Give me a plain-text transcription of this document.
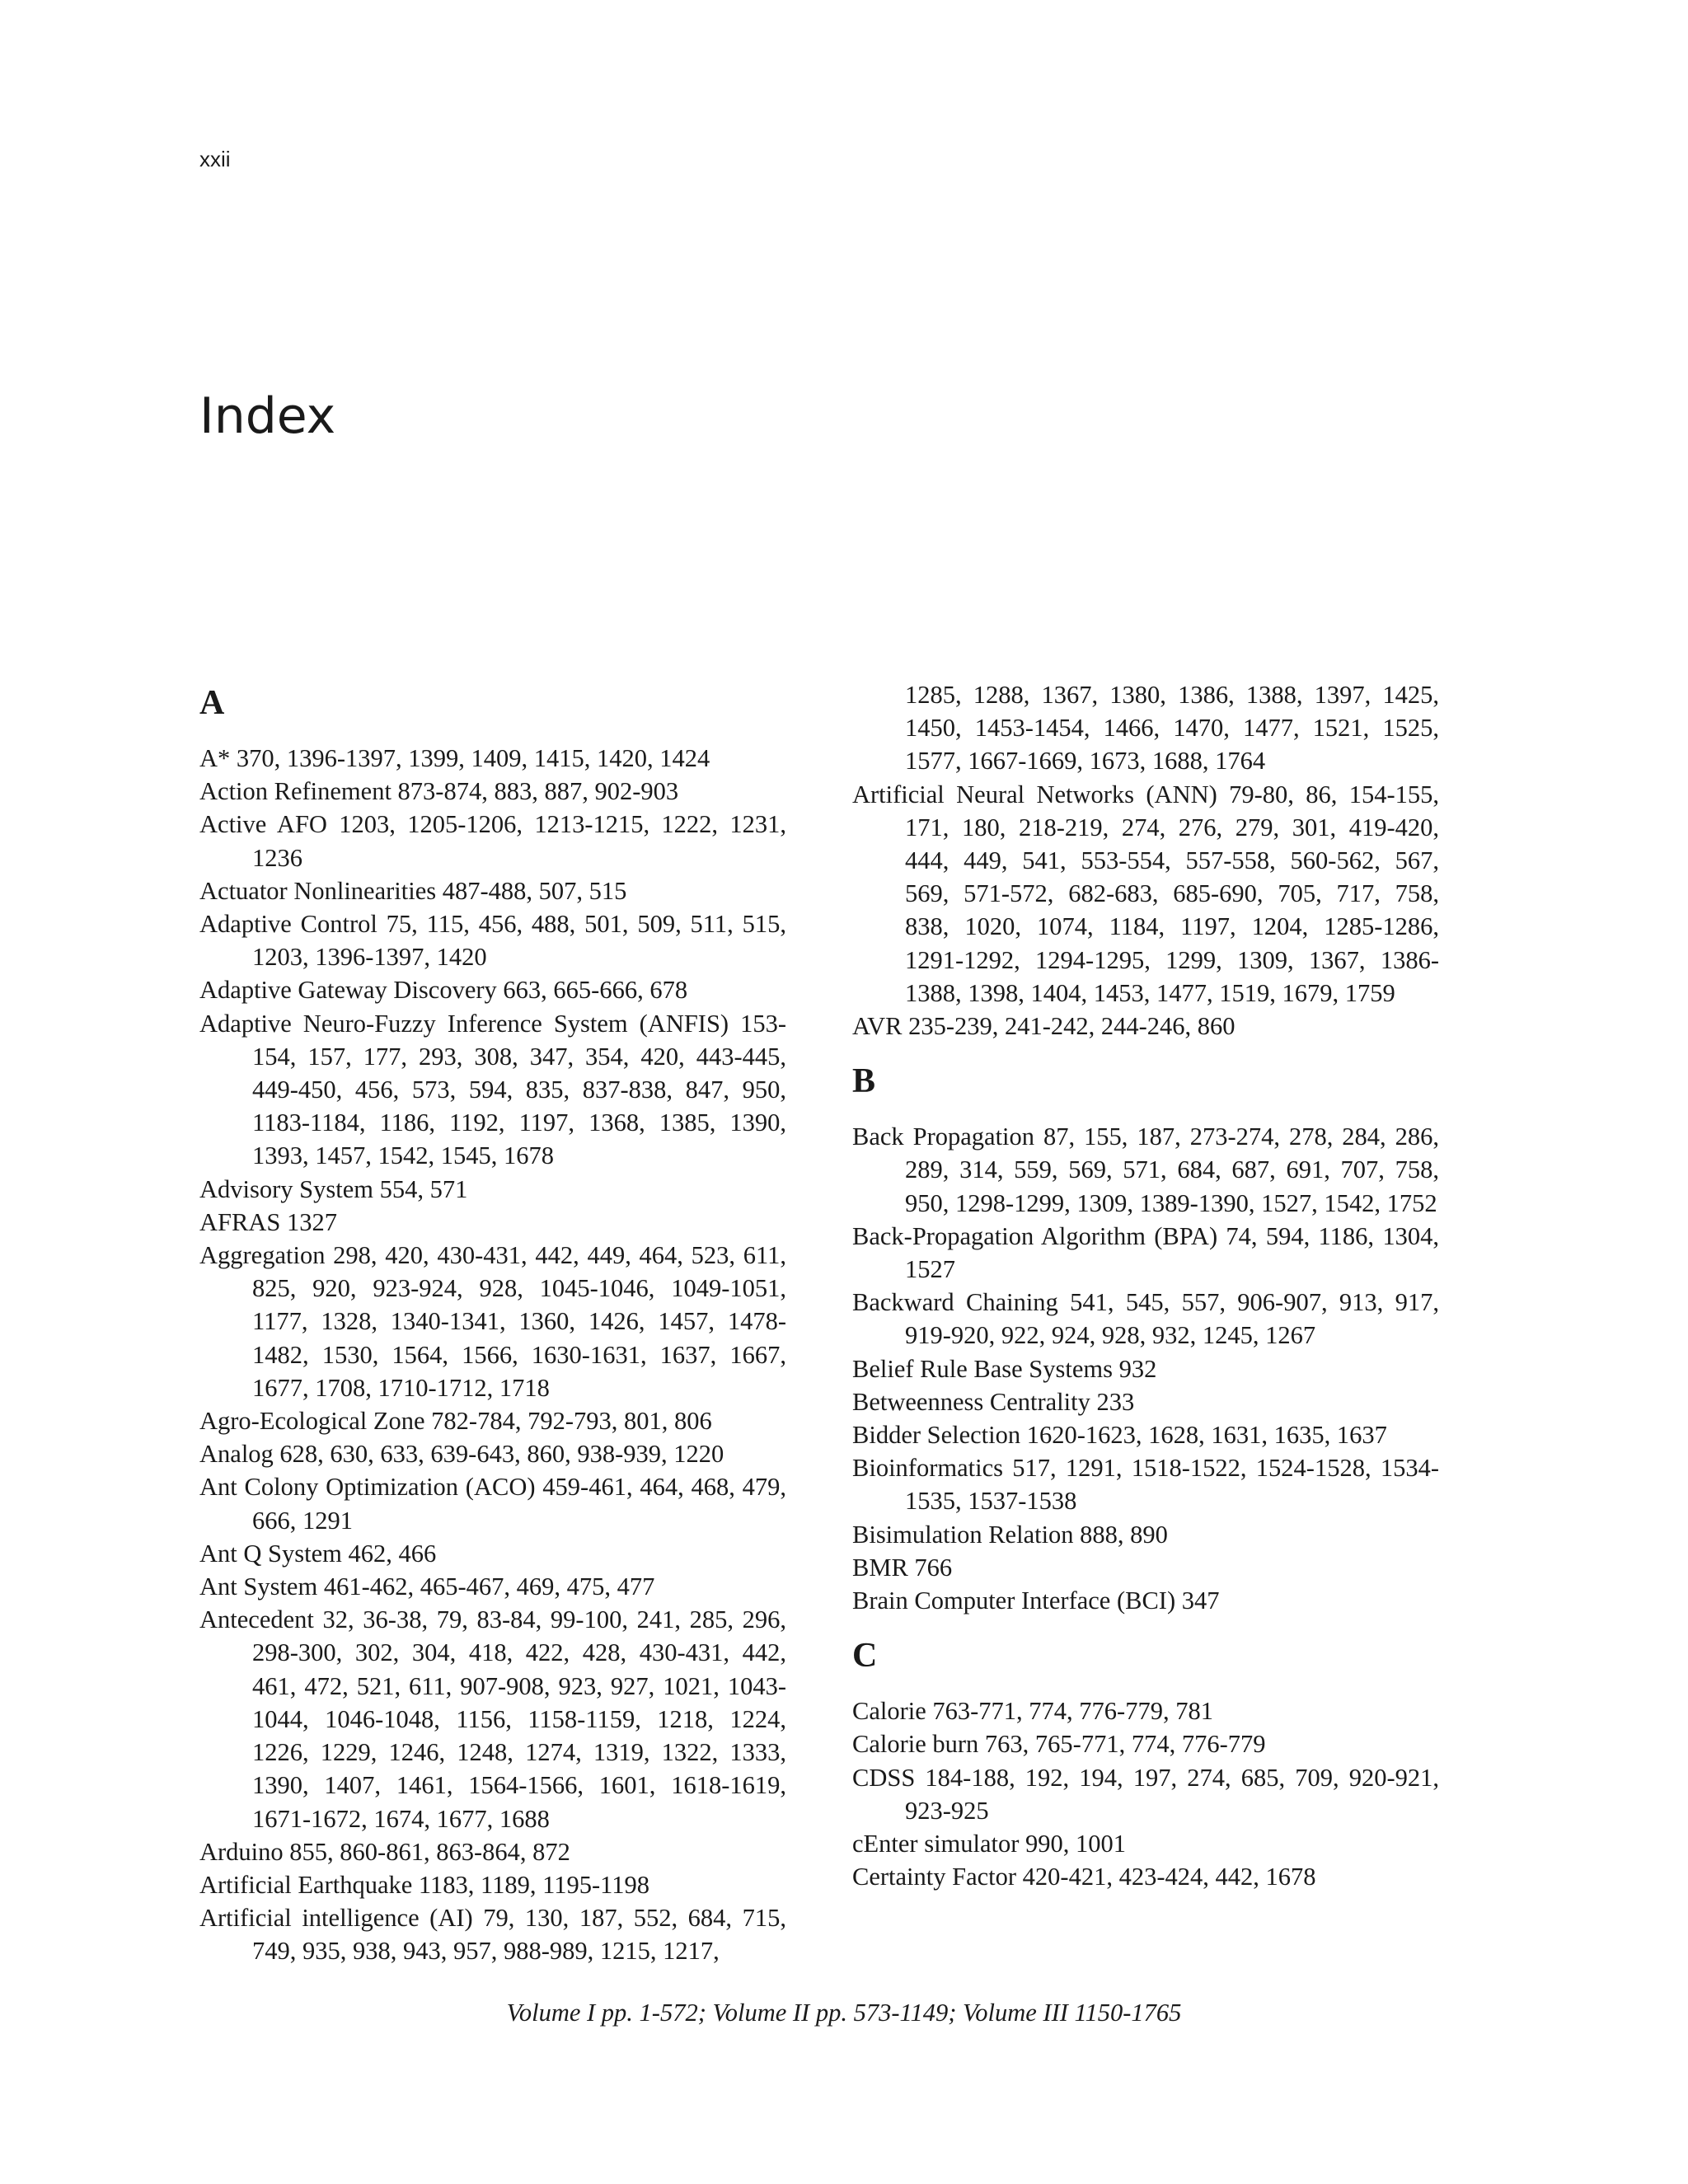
xxii
Index
A
A* 370, 1396-1397, 1399, 1409, 1415, 1420, 1424
Action Refinement 873-874, 883, 887, 902-903
Active AFO 1203, 1205-1206, 1213-1215, 1222, 1231, 1236
Actuator Nonlinearities 487-488, 507, 515
Adaptive Control 75, 115, 456, 488, 501, 509, 511, 515, 1203, 1396-1397, 1420
Adaptive Gateway Discovery 663, 665-666, 678
Adaptive Neuro-Fuzzy Inference System (ANFIS) 153-154, 157, 177, 293, 308, 347, 354, 420, 443-445, 449-450, 456, 573, 594, 835, 837-838, 847, 950, 1183-1184, 1186, 1192, 1197, 1368, 1385, 1390, 1393, 1457, 1542, 1545, 1678
Advisory System 554, 571
AFRAS 1327
Aggregation 298, 420, 430-431, 442, 449, 464, 523, 611, 825, 920, 923-924, 928, 1045-1046, 1049-1051, 1177, 1328, 1340-1341, 1360, 1426, 1457, 1478-1482, 1530, 1564, 1566, 1630-1631, 1637, 1667, 1677, 1708, 1710-1712, 1718
Agro-Ecological Zone 782-784, 792-793, 801, 806
Analog 628, 630, 633, 639-643, 860, 938-939, 1220
Ant Colony Optimization (ACO) 459-461, 464, 468, 479, 666, 1291
Ant Q System 462, 466
Ant System 461-462, 465-467, 469, 475, 477
Antecedent 32, 36-38, 79, 83-84, 99-100, 241, 285, 296, 298-300, 302, 304, 418, 422, 428, 430-431, 442, 461, 472, 521, 611, 907-908, 923, 927, 1021, 1043-1044, 1046-1048, 1156, 1158-1159, 1218, 1224, 1226, 1229, 1246, 1248, 1274, 1319, 1322, 1333, 1390, 1407, 1461, 1564-1566, 1601, 1618-1619, 1671-1672, 1674, 1677, 1688
Arduino 855, 860-861, 863-864, 872
Artificial Earthquake 1183, 1189, 1195-1198
Artificial intelligence (AI) 79, 130, 187, 552, 684, 715, 749, 935, 938, 943, 957, 988-989, 1215, 1217,
1285, 1288, 1367, 1380, 1386, 1388, 1397, 1425, 1450, 1453-1454, 1466, 1470, 1477, 1521, 1525, 1577, 1667-1669, 1673, 1688, 1764
Artificial Neural Networks (ANN) 79-80, 86, 154-155, 171, 180, 218-219, 274, 276, 279, 301, 419-420, 444, 449, 541, 553-554, 557-558, 560-562, 567, 569, 571-572, 682-683, 685-690, 705, 717, 758, 838, 1020, 1074, 1184, 1197, 1204, 1285-1286, 1291-1292, 1294-1295, 1299, 1309, 1367, 1386-1388, 1398, 1404, 1453, 1477, 1519, 1679, 1759
AVR 235-239, 241-242, 244-246, 860
B
Back Propagation 87, 155, 187, 273-274, 278, 284, 286, 289, 314, 559, 569, 571, 684, 687, 691, 707, 758, 950, 1298-1299, 1309, 1389-1390, 1527, 1542, 1752
Back-Propagation Algorithm (BPA) 74, 594, 1186, 1304, 1527
Backward Chaining 541, 545, 557, 906-907, 913, 917, 919-920, 922, 924, 928, 932, 1245, 1267
Belief Rule Base Systems 932
Betweenness Centrality 233
Bidder Selection 1620-1623, 1628, 1631, 1635, 1637
Bioinformatics 517, 1291, 1518-1522, 1524-1528, 1534-1535, 1537-1538
Bisimulation Relation 888, 890
BMR 766
Brain Computer Interface (BCI) 347
C
Calorie 763-771, 774, 776-779, 781
Calorie burn 763, 765-771, 774, 776-779
CDSS 184-188, 192, 194, 197, 274, 685, 709, 920-921, 923-925
cEnter simulator 990, 1001
Certainty Factor 420-421, 423-424, 442, 1678
Volume I pp. 1-572; Volume II pp. 573-1149; Volume III 1150-1765
